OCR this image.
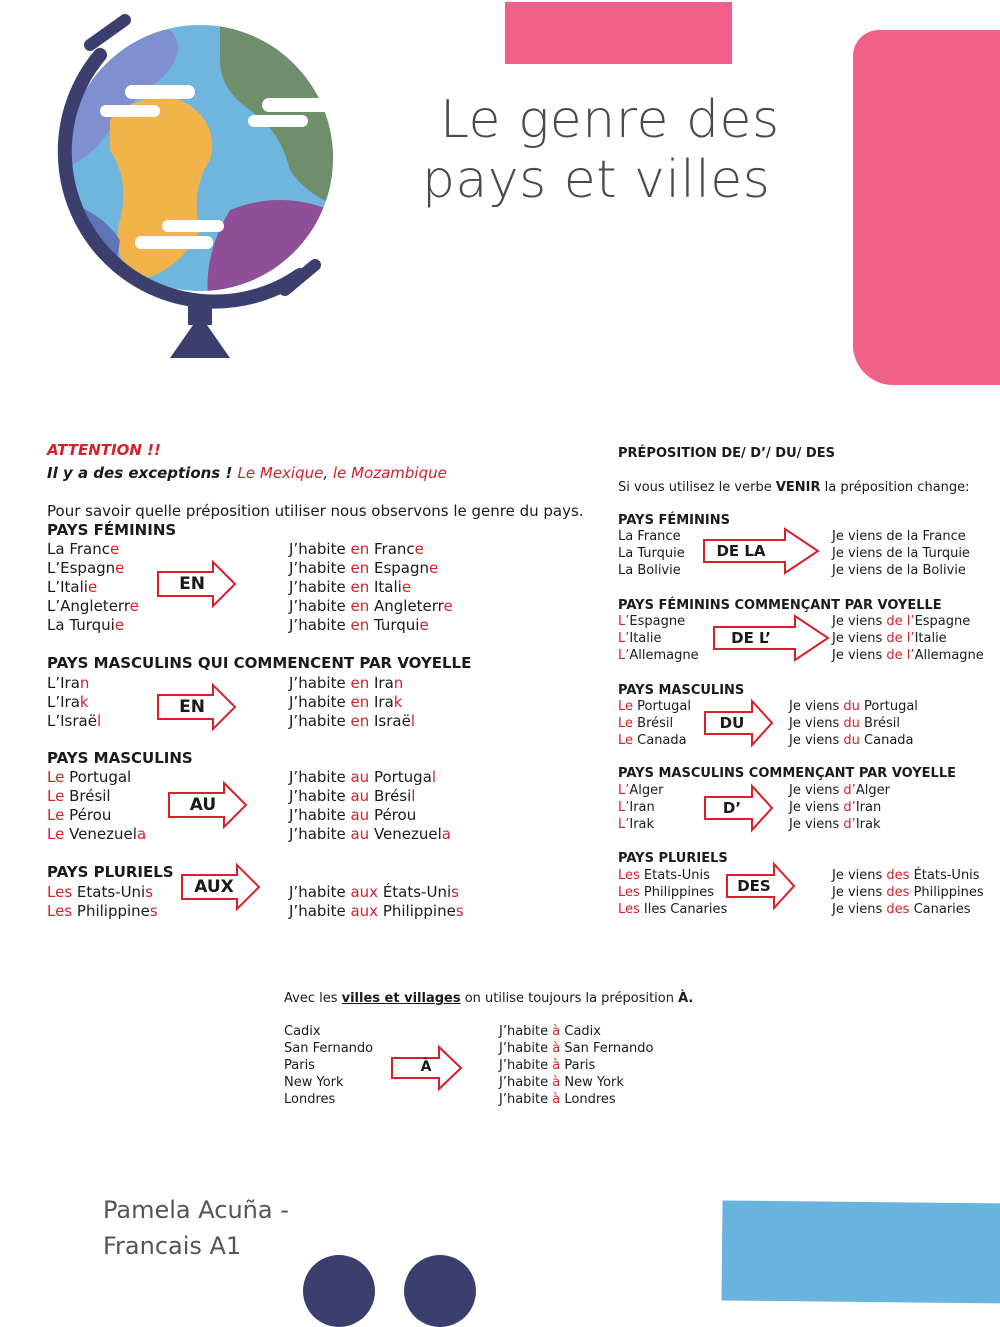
Le genre des
pays et villes
ATTENTION !!
Il y a des exceptions ! Le Mexique, le Mozambique
Pour savoir quelle préposition utiliser nous observons le genre du pays.
PAYS FÉMININS
La France
L’Espagne
L’Italie
L’Angleterre
La Turquie
EN
J’habite en France
J’habite en Espagne
J’habite en Italie
J’habite en Angleterre
J’habite en Turquie
PAYS MASCULINS QUI COMMENCENT PAR VOYELLE
L’Iran
L’Irak
L’Israël
EN
J’habite en Iran
J’habite en Irak
J’habite en Israël
PAYS MASCULINS
Le Portugal
Le Brésil
Le Pérou
Le Venezuela
AU
J’habite au Portugal
J’habite au Brésil
J’habite au Pérou
J’habite au Venezuela
PAYS PLURIELS
Les Etats-Unis
Les Philippines
AUX	J’habite aux États-Unis
J’habite aux Philippines
PRÉPOSITION DE/ D’/ DU/ DES
Si vous utilisez le verbe VENIR la préposition change:
PAYS FÉMININS
La France
La Turquie
La Bolivie
DE LA
Je viens de la France
Je viens de la Turquie
Je viens de la Bolivie
PAYS FÉMININS COMMENÇANT PAR VOYELLE
L’Espagne
L’Italie
L’Allemagne
DE L’
Je viens de l’Espagne
Je viens de l’Italie
Je viens de l’Allemagne
PAYS MASCULINS
Le Portugal
Le Brésil
Le Canada
DU
Je viens du Portugal
Je viens du Brésil
Je viens du Canada
PAYS MASCULINS COMMENÇANT PAR VOYELLE
L’Alger
L’Iran
L’Irak
D’
Je viens d’Alger
Je viens d’Iran
Je viens d’Irak
PAYS PLURIELS
Les Etats-Unis
Les Philippines
Les Iles Canaries
DES
Je viens des États-Unis
Je viens des Philippines
Je viens des Canaries
Avec les villes et villages on utilise toujours la préposition À.
Cadix
San Fernando
Paris
New York
Londres
À
J’habite à Cadix
J’habite à San Fernando
J’habite à Paris
J’habite à New York
J’habite à Londres
Pamela Acuña -
Francais A1
